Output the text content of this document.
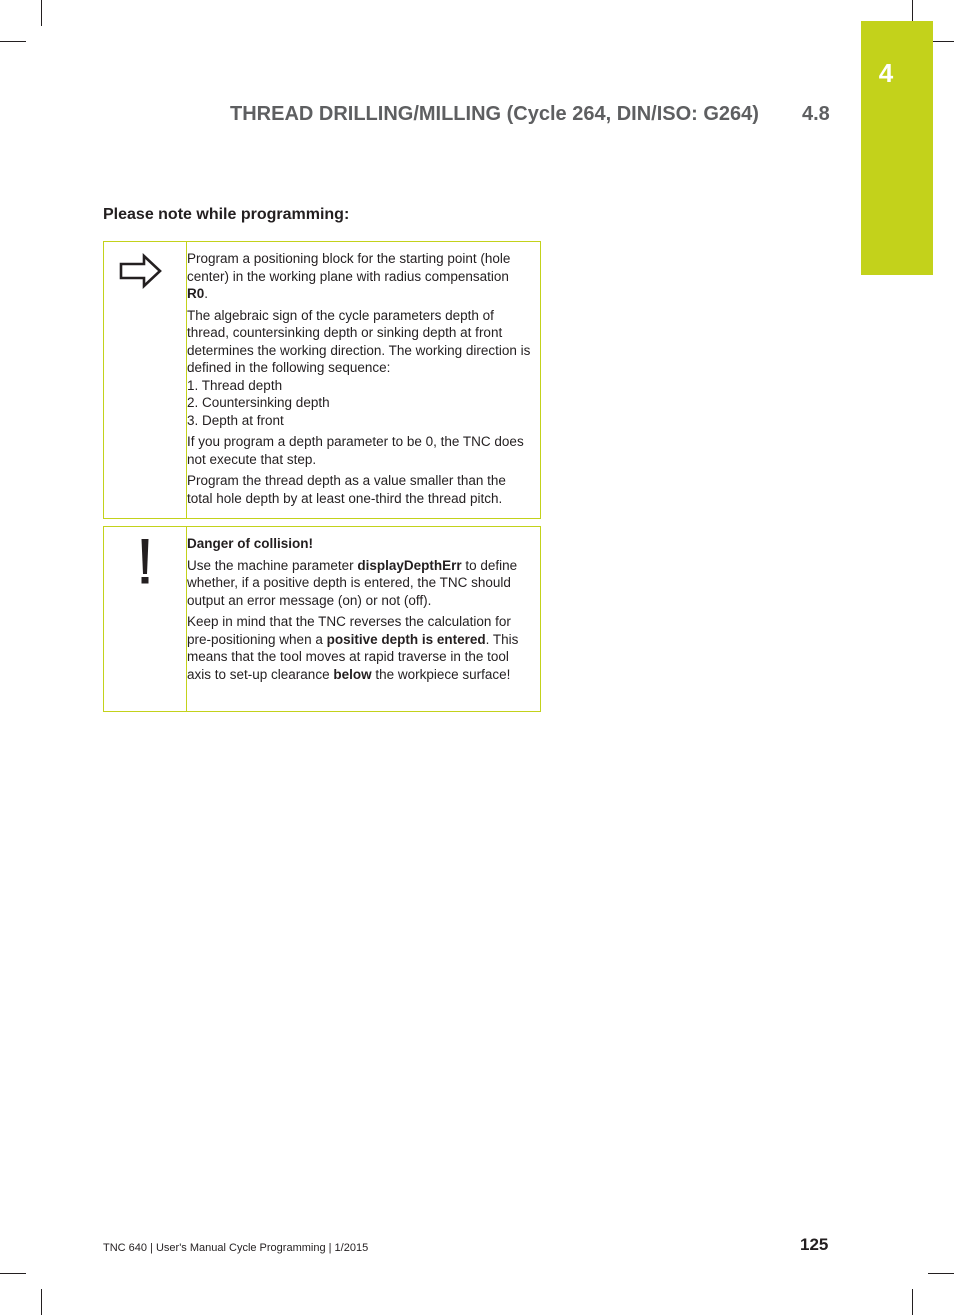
4
THREAD DRILLING/MILLING (Cycle 264, DIN/ISO: G264) 4.8
Please note while programming:

Program a positioning block for the starting point (hole center) in the working plane with radius compensation R0.

The algebraic sign of the cycle parameters depth of thread, countersinking depth or sinking depth at front determines the working direction. The working direction is defined in the following sequence:
1. Thread depth
2. Countersinking depth
3. Depth at front

If you program a depth parameter to be 0, the TNC does not execute that step.

Program the thread depth as a value smaller than the total hole depth by at least one-third the thread pitch.

Danger of collision!

Use the machine parameter displayDepthErr to define whether, if a positive depth is entered, the TNC should output an error message (on) or not (off).

Keep in mind that the TNC reverses the calculation for pre-positioning when a positive depth is entered. This means that the tool moves at rapid traverse in the tool axis to set-up clearance below the workpiece surface!

TNC 640 | User's Manual Cycle Programming | 1/2015	125
